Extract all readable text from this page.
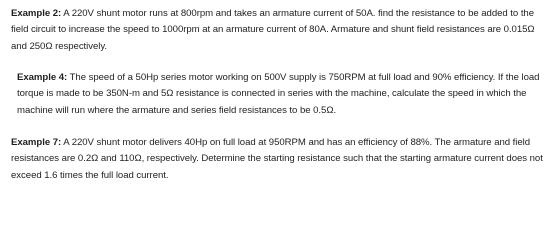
Example 2: A 220V shunt motor runs at 800rpm and takes an armature current of 50A. find the resistance to be added to the field circuit to increase the speed to 1000rpm at an armature current of 80A. Armature and shunt field resistances are 0.015Ω and 250Ω respectively.

Example 4: The speed of a 50Hp series motor working on 500V supply is 750RPM at full load and 90% efficiency. If the load torque is made to be 350N-m and 5Ω resistance is connected in series with the machine, calculate the speed in which the machine will run where the armature and series field resistances to be 0.5Ω.

Example 7: A 220V shunt motor delivers 40Hp on full load at 950RPM and has an efficiency of 88%. The armature and field resistances are 0.2Ω and 110Ω, respectively. Determine the starting resistance such that the starting armature current does not exceed 1.6 times the full load current.
